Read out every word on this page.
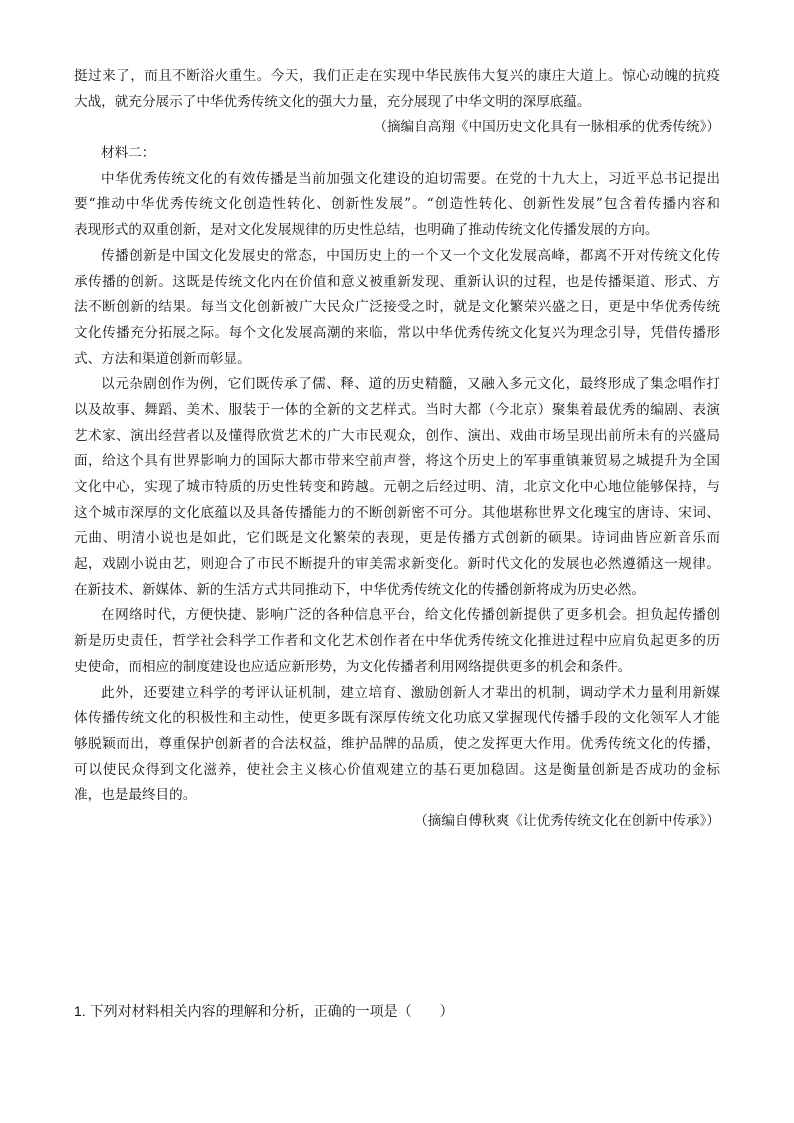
挺过来了，而且不断浴火重生。今天，我们正走在实现中华民族伟大复兴的康庄大道上。惊心动魄的抗疫
大战，就充分展示了中华优秀传统文化的强大力量，充分展现了中华文明的深厚底蕴。
（摘编自高翔《中国历史文化具有一脉相承的优秀传统》）
材料二：
中华优秀传统文化的有效传播是当前加强文化建设的迫切需要。在党的十九大上，习近平总书记提出
要“推动中华优秀传统文化创造性转化、创新性发展”。“创造性转化、创新性发展”包含着传播内容和
表现形式的双重创新，是对文化发展规律的历史性总结，也明确了推动传统文化传播发展的方向。
传播创新是中国文化发展史的常态，中国历史上的一个又一个文化发展高峰，都离不开对传统文化传
承传播的创新。这既是传统文化内在价值和意义被重新发现、重新认识的过程，也是传播渠道、形式、方
法不断创新的结果。每当文化创新被广大民众广泛接受之时，就是文化繁荣兴盛之日，更是中华优秀传统
文化传播充分拓展之际。每个文化发展高潮的来临，常以中华优秀传统文化复兴为理念引导，凭借传播形
式、方法和渠道创新而彰显。
以元杂剧创作为例，它们既传承了儒、释、道的历史精髓，又融入多元文化，最终形成了集念唱作打
以及故事、舞蹈、美术、服装于一体的全新的文艺样式。当时大都（今北京）聚集着最优秀的编剧、表演
艺术家、演出经营者以及懂得欣赏艺术的广大市民观众，创作、演出、戏曲市场呈现出前所未有的兴盛局
面，给这个具有世界影响力的国际大都市带来空前声誉，将这个历史上的军事重镇兼贸易之城提升为全国
文化中心，实现了城市特质的历史性转变和跨越。元朝之后经过明、清，北京文化中心地位能够保持，与
这个城市深厚的文化底蕴以及具备传播能力的不断创新密不可分。其他堪称世界文化瑰宝的唐诗、宋词、
元曲、明清小说也是如此，它们既是文化繁荣的表现，更是传播方式创新的硕果。诗词曲皆应新音乐而
起，戏剧小说由艺，则迎合了市民不断提升的审美需求新变化。新时代文化的发展也必然遵循这一规律。
在新技术、新媒体、新的生活方式共同推动下，中华优秀传统文化的传播创新将成为历史必然。
在网络时代，方便快捷、影响广泛的各种信息平台，给文化传播创新提供了更多机会。担负起传播创
新是历史责任，哲学社会科学工作者和文化艺术创作者在中华优秀传统文化推进过程中应肩负起更多的历
史使命，而相应的制度建设也应适应新形势，为文化传播者利用网络提供更多的机会和条件。
此外，还要建立科学的考评认证机制，建立培育、激励创新人才辈出的机制，调动学术力量利用新媒
体传播传统文化的积极性和主动性，使更多既有深厚传统文化功底又掌握现代传播手段的文化领军人才能
够脱颖而出，尊重保护创新者的合法权益，维护品牌的品质，使之发挥更大作用。优秀传统文化的传播，
可以使民众得到文化滋养，使社会主义核心价值观建立的基石更加稳固。这是衡量创新是否成功的金标
准，也是最终目的。
（摘编自傅秋爽《让优秀传统文化在创新中传承》）
1. 下列对材料相关内容的理解和分析，正确的一项是（　　）
